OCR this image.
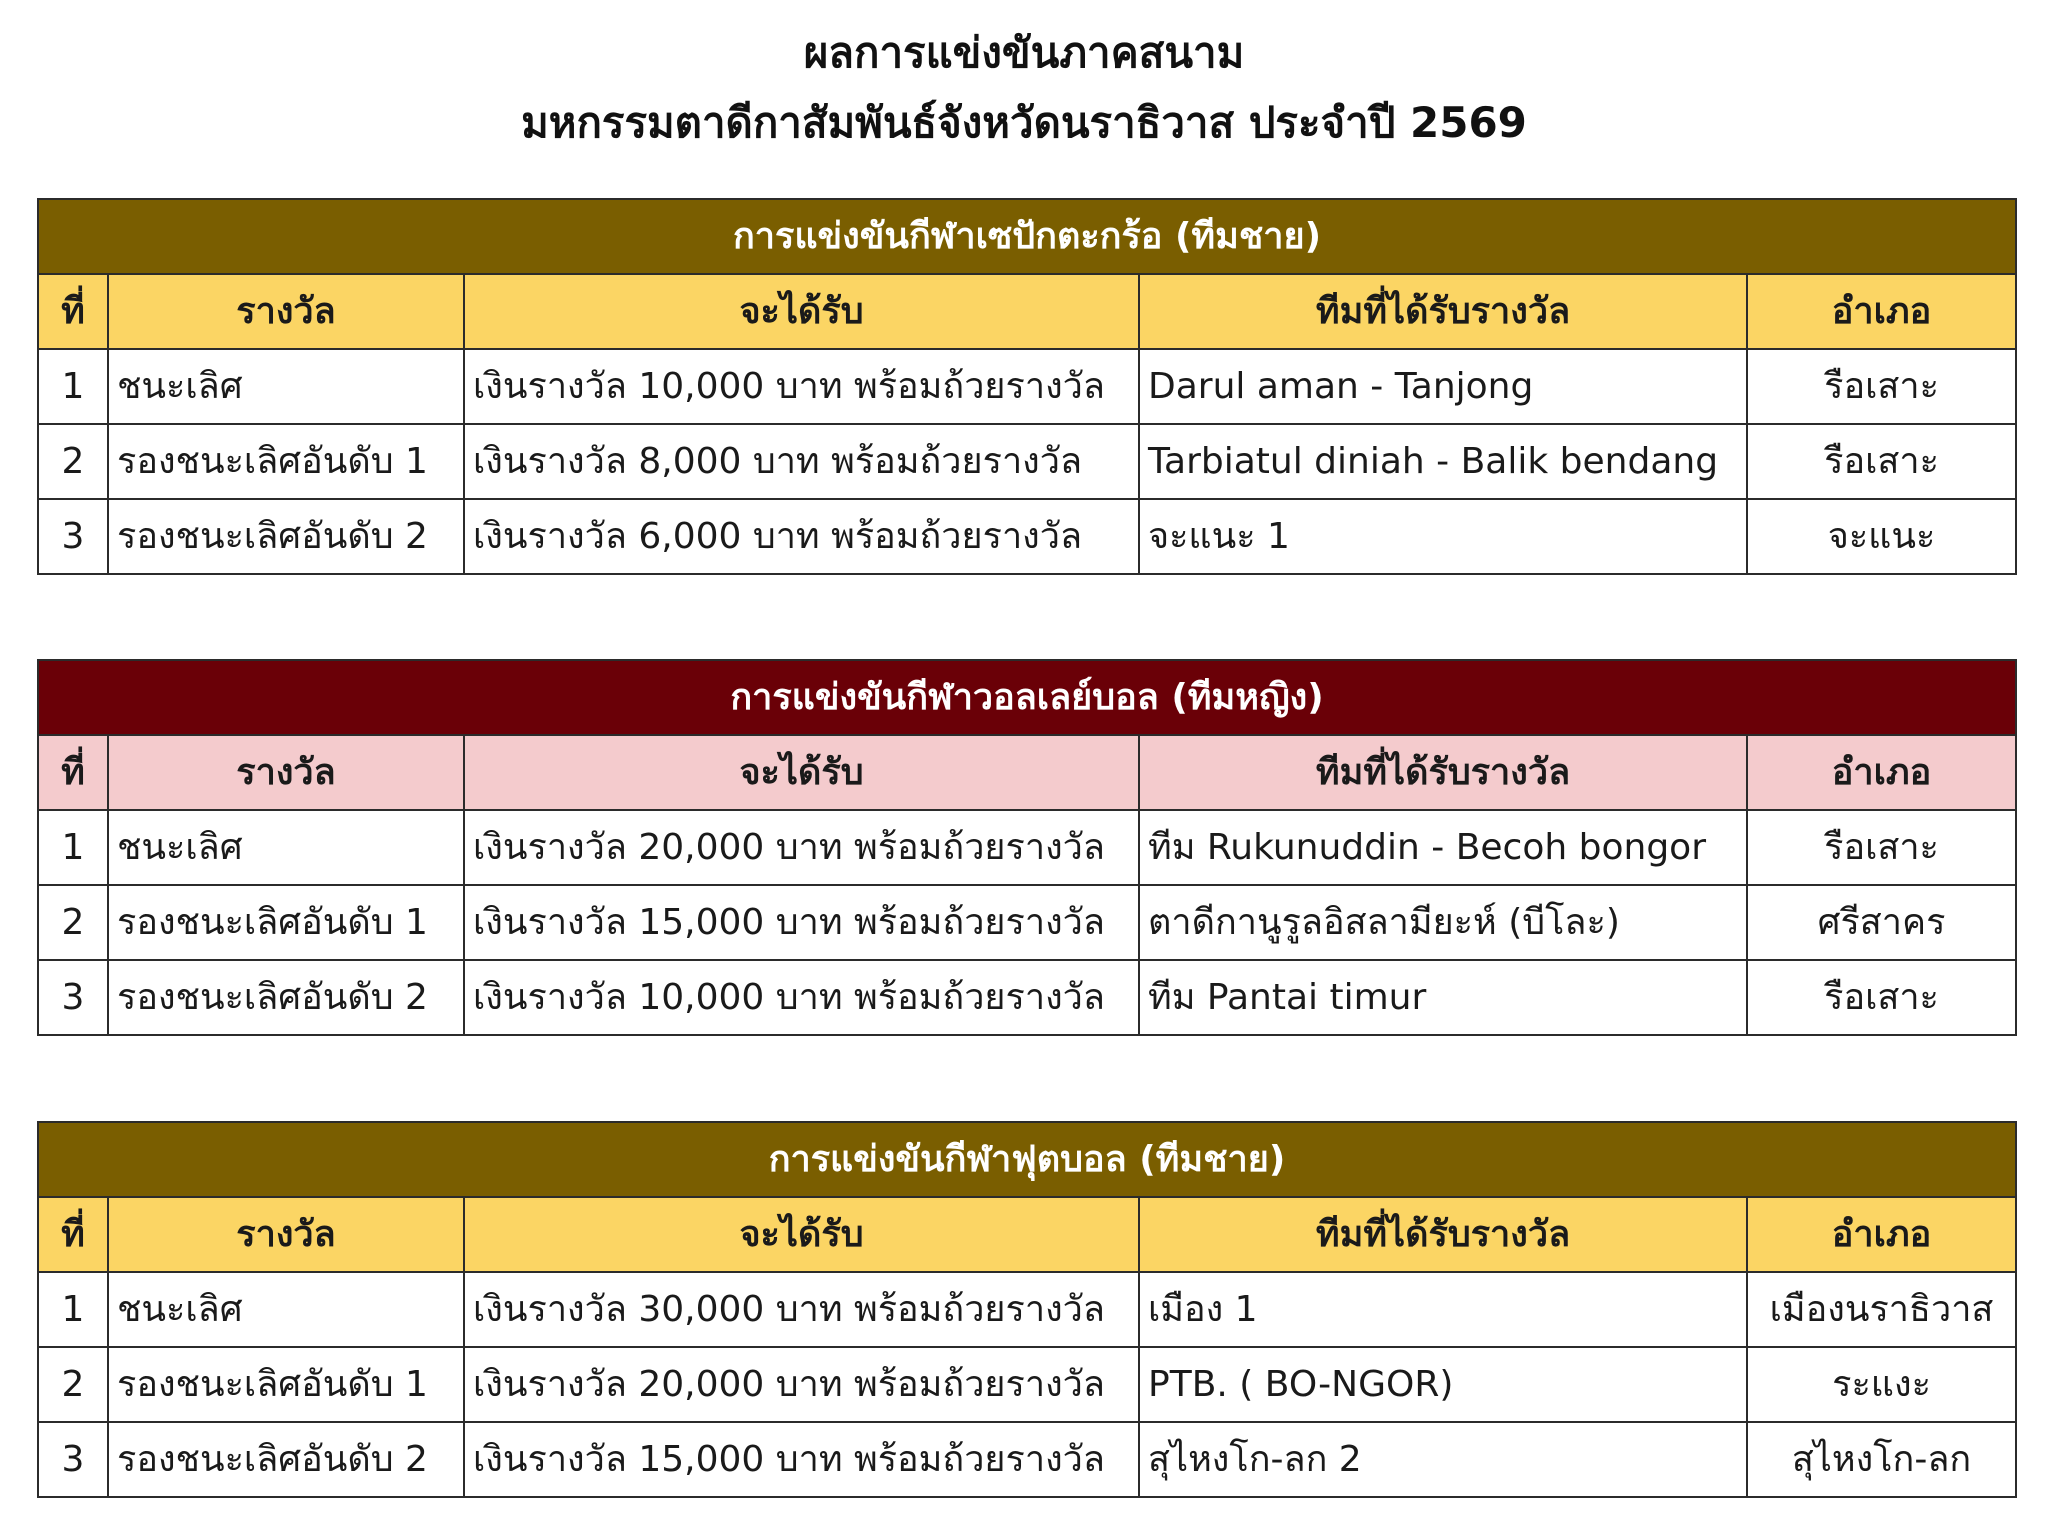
ผลการแข่งขันภาคสนาม
มหกรรมตาดีกาสัมพันธ์จังหวัดนราธิวาส ประจำปี 2569
การแข่งขันกีฬาเซปักตะกร้อ (ทีมชาย)				
ที่	รางวัล	จะได้รับ	ทีมที่ได้รับรางวัล	อำเภอ
1	ชนะเลิศ	เงินรางวัล 10,000 บาท พร้อมถ้วยรางวัล	Darul aman - Tanjong	รือเสาะ
2	รองชนะเลิศอันดับ 1	เงินรางวัล 8,000 บาท พร้อมถ้วยรางวัล	Tarbiatul diniah - Balik bendang	รือเสาะ
3	รองชนะเลิศอันดับ 2	เงินรางวัล 6,000 บาท พร้อมถ้วยรางวัล	จะแนะ 1	จะแนะ
การแข่งขันกีฬาวอลเลย์บอล (ทีมหญิง)				
ที่	รางวัล	จะได้รับ	ทีมที่ได้รับรางวัล	อำเภอ
1	ชนะเลิศ	เงินรางวัล 20,000 บาท พร้อมถ้วยรางวัล	ทีม Rukunuddin - Becoh bongor	รือเสาะ
2	รองชนะเลิศอันดับ 1	เงินรางวัล 15,000 บาท พร้อมถ้วยรางวัล	ตาดีกานูรูลอิสลามียะห์ (บีโละ)	ศรีสาคร
3	รองชนะเลิศอันดับ 2	เงินรางวัล 10,000 บาท พร้อมถ้วยรางวัล	ทีม Pantai timur	รือเสาะ
การแข่งขันกีฬาฟุตบอล (ทีมชาย)				
ที่	รางวัล	จะได้รับ	ทีมที่ได้รับรางวัล	อำเภอ
1	ชนะเลิศ	เงินรางวัล 30,000 บาท พร้อมถ้วยรางวัล	เมือง 1	เมืองนราธิวาส
2	รองชนะเลิศอันดับ 1	เงินรางวัล 20,000 บาท พร้อมถ้วยรางวัล	PTB. ( BO-NGOR)	ระแงะ
3	รองชนะเลิศอันดับ 2	เงินรางวัล 15,000 บาท พร้อมถ้วยรางวัล	สุไหงโก-ลก 2	สุไหงโก-ลก
